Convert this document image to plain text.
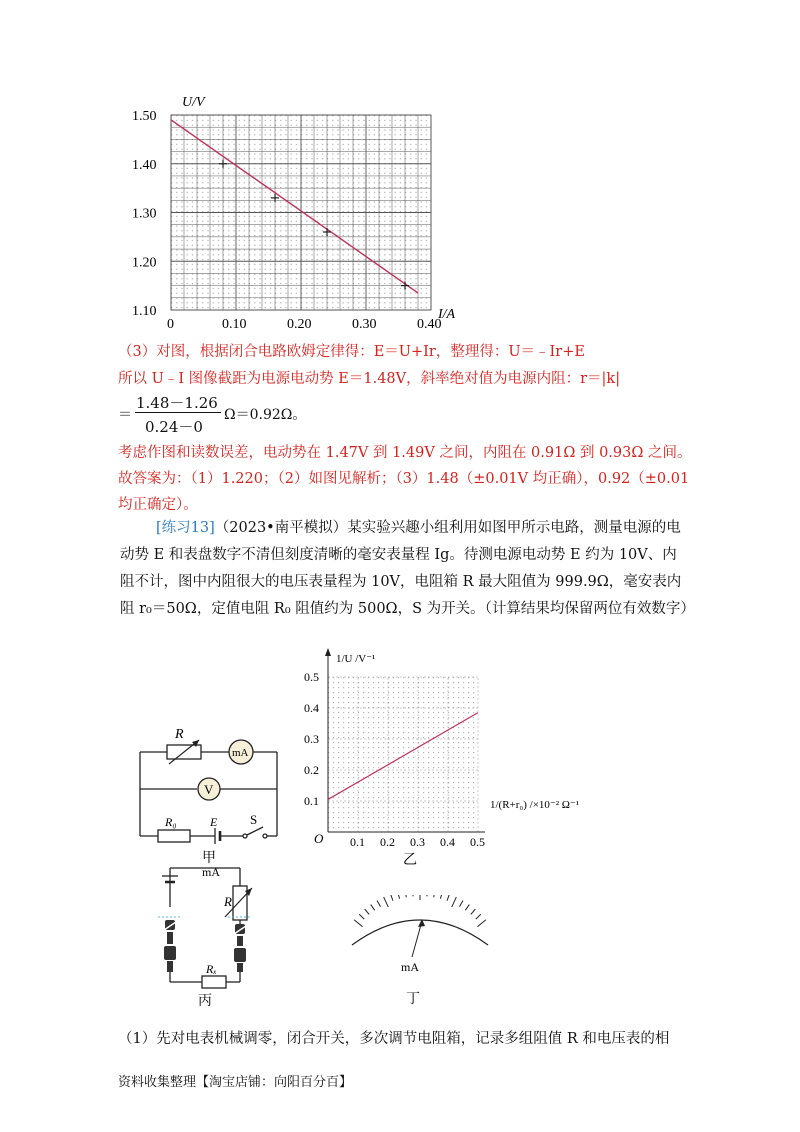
1.10
1.20
1.30
1.40
1.50
0	0.10	0.20	0.30	0.40
U/V
I/A
（3）对图，根据闭合电路欧姆定律得：E＝U+Ir，整理得：U＝﹣Ir+E
所以 U﹣I 图像截距为电源电动势 E＝1.48V，斜率绝对值为电源内阻：r＝|k|
＝
1.48－1.26
0.24－0
Ω＝0.92Ω。
考虑作图和读数误差，电动势在 1.47V 到 1.49V 之间，内阻在 0.91Ω 到 0.93Ω 之间。
故答案为：（1）1.220；（2）如图见解析；（3）1.48（±0.01V 均正确），0.92（±0.01
均正确定）。
[练习13]（2023•南平模拟）某实验兴趣小组利用如图甲所示电路，测量电源的电动势 E 和表盘数字不清但刻度清晰的毫安表量程 Ig。待测电源电动势 E 约为 10V、内阻不计，图中内阻很大的电压表量程为 10V，电阻箱 R 最大阻值为 999.9Ω，毫安表内阻 r₀＝50Ω，定值电阻 R₀ 阻值约为 500Ω，S 为开关。（计算结果均保留两位有效数字）
R
mA
V
R₀	E	S
甲
O
1/U /V⁻¹
1/(R+r₀) /×10⁻² Ω⁻¹
0.1 0.2 0.3 0.4 0.5
0.1
0.2
0.3
0.4
0.5
乙
mA
R
Rₓ
丙
mA
丁
（1）先对电表机械调零，闭合开关，多次调节电阻箱，记录多组阻值 R 和电压表的相
资料收集整理【淘宝店铺：向阳百分百】
